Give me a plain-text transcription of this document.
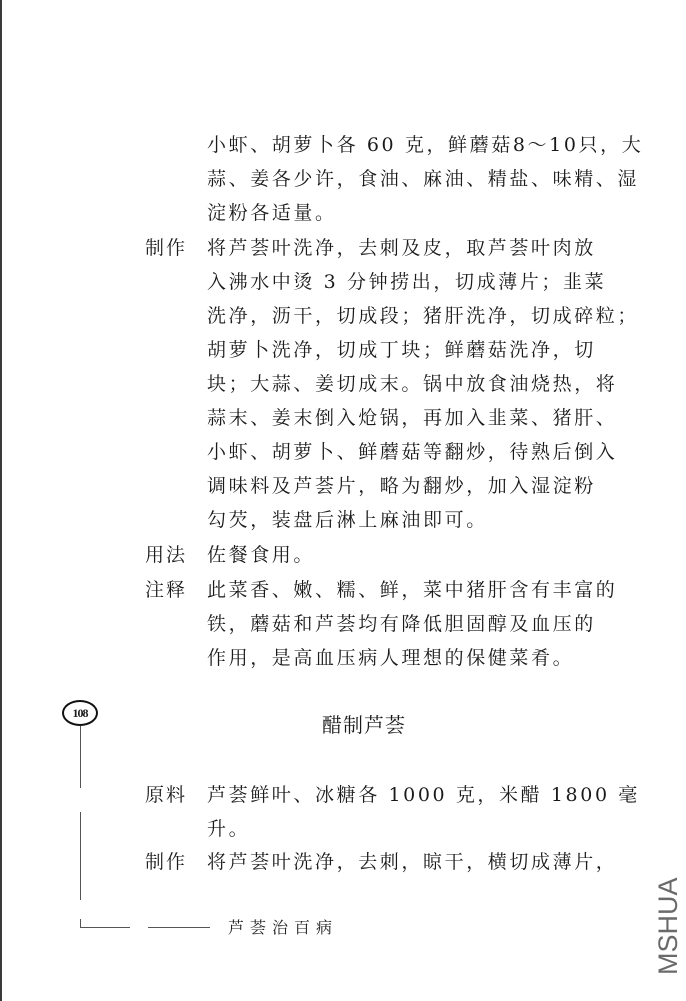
小虾、胡萝卜各 60 克，鲜蘑菇8～10只，大
蒜、姜各少许，食油、麻油、精盐、味精、湿
淀粉各适量。
制作 将芦荟叶洗净，去刺及皮，取芦荟叶肉放
入沸水中烫 3 分钟捞出，切成薄片；韭菜
洗净，沥干，切成段；猪肝洗净，切成碎粒；
胡萝卜洗净，切成丁块；鲜蘑菇洗净，切
块；大蒜、姜切成末。锅中放食油烧热，将
蒜末、姜末倒入炝锅，再加入韭菜、猪肝、
小虾、胡萝卜、鲜蘑菇等翻炒，待熟后倒入
调味料及芦荟片，略为翻炒，加入湿淀粉
勾芡，装盘后淋上麻油即可。
用法 佐餐食用。
注释 此菜香、嫩、糯、鲜，菜中猪肝含有丰富的
铁，蘑菇和芦荟均有降低胆固醇及血压的
作用，是高血压病人理想的保健菜肴。
108	醋制芦荟
原料 芦荟鲜叶、冰糖各 1000 克，米醋 1800 毫
升。
制作 将芦荟叶洗净，去刺，晾干，横切成薄片，
芦荟治百病	MSHUA
